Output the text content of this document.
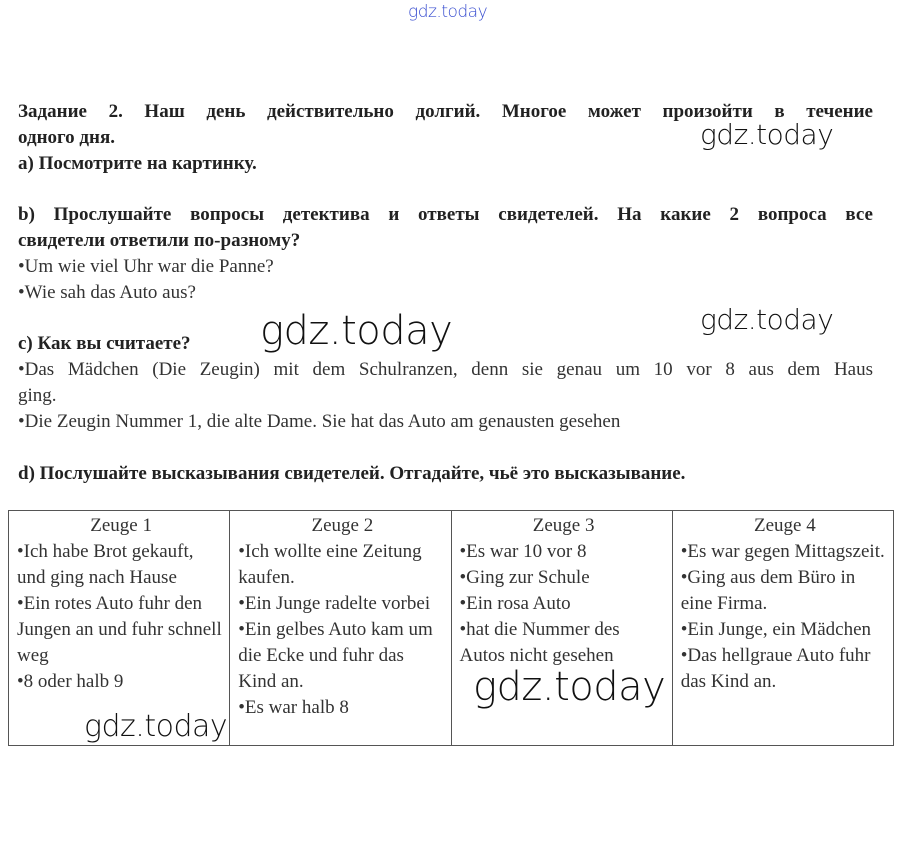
gdz.today
Задание 2. Наш день действительно долгий. Многое может произойти в течение
одного дня.
a) Посмотрите на картинку.
b) Прослушайте вопросы детектива и ответы свидетелей. На какие 2 вопроса все
свидетели ответили по-разному?
•Um wie viel Uhr war die Panne?
•Wie sah das Auto aus?
c) Как вы считаете?
•Das Mädchen (Die Zeugin) mit dem Schulranzen, denn sie genau um 10 vor 8 aus dem Haus
ging.
•Die Zeugin Nummer 1, die alte Dame. Sie hat das Auto am genausten gesehen
d) Послушайте высказывания свидетелей. Отгадайте, чьё это высказывание.
Zeuge 1
•Ich habe Brot gekauft, und ging nach Hause
•Ein rotes Auto fuhr den Jungen an und fuhr schnell weg
•8 oder halb 9

Zeuge 2
•Ich wollte eine Zeitung kaufen.
•Ein Junge radelte vorbei
•Ein gelbes Auto kam um die Ecke und fuhr das Kind an.
•Es war halb 8

Zeuge 3
•Es war 10 vor 8
•Ging zur Schule
•Ein rosa Auto
•hat die Nummer des Autos nicht gesehen

Zeuge 4
•Es war gegen Mittagszeit.
•Ging aus dem Büro in eine Firma.
•Ein Junge, ein Mädchen
•Das hellgraue Auto fuhr das Kind an.
gdz.today
gdz.today	gdz.today
gdz.today
gdz.today
